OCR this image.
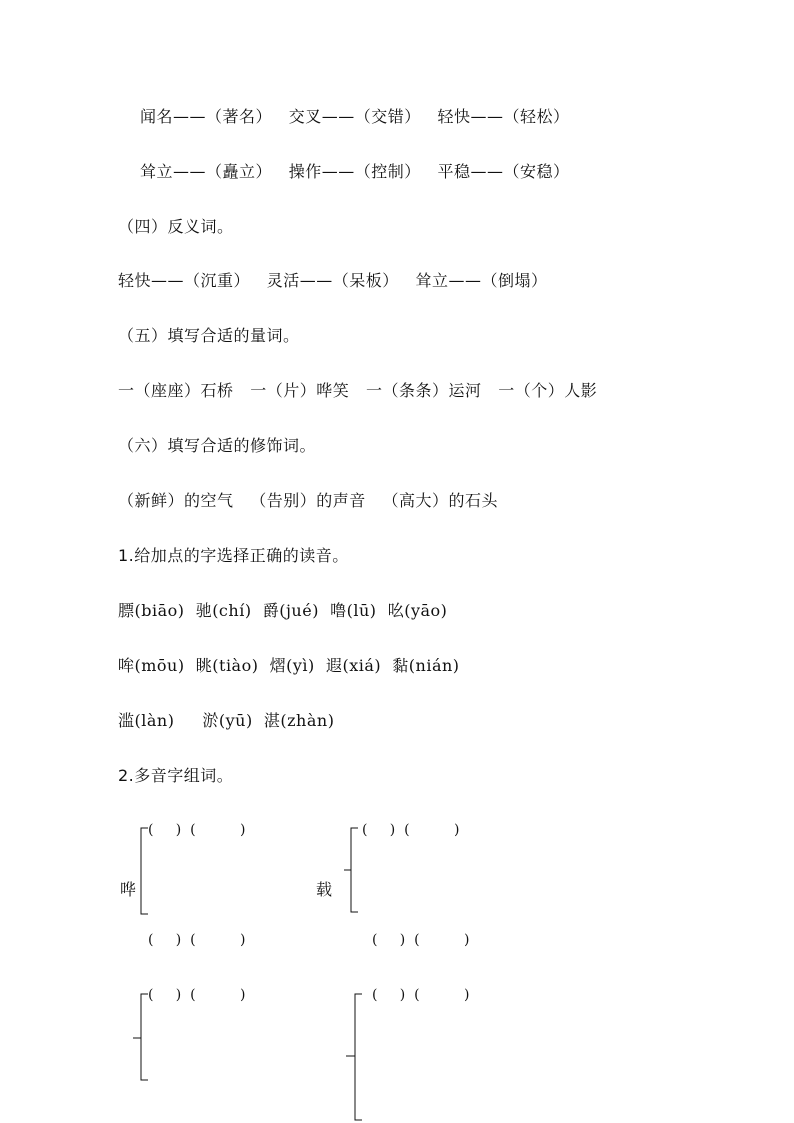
闻名——（著名）   交叉——（交错）   轻快——（轻松）
耸立——（矗立）   操作——（控制）   平稳——（安稳）
（四）反义词。
轻快——（沉重）   灵活——（呆板）   耸立——（倒塌）
（五）填写合适的量词。
一（座座）石桥   一（片）哗笑   一（条条）运河   一（个）人影
（六）填写合适的修饰词。
（新鲜）的空气   （告别）的声音   （高大）的石头
1.给加点的字选择正确的读音。
膘(biāo)  驰(chí)  爵(jué)  噜(lū)  吆(yāo)
哞(mōu)  眺(tiào)  熠(yì)  遐(xiá)  黏(nián)
滥(làn)     淤(yū)  湛(zhàn)
2.多音字组词。
(     )  (          )
哗
(     )  (          )
(     )  (          )
载
(     )  (          )
(     )  (          )	(     )  (          )
